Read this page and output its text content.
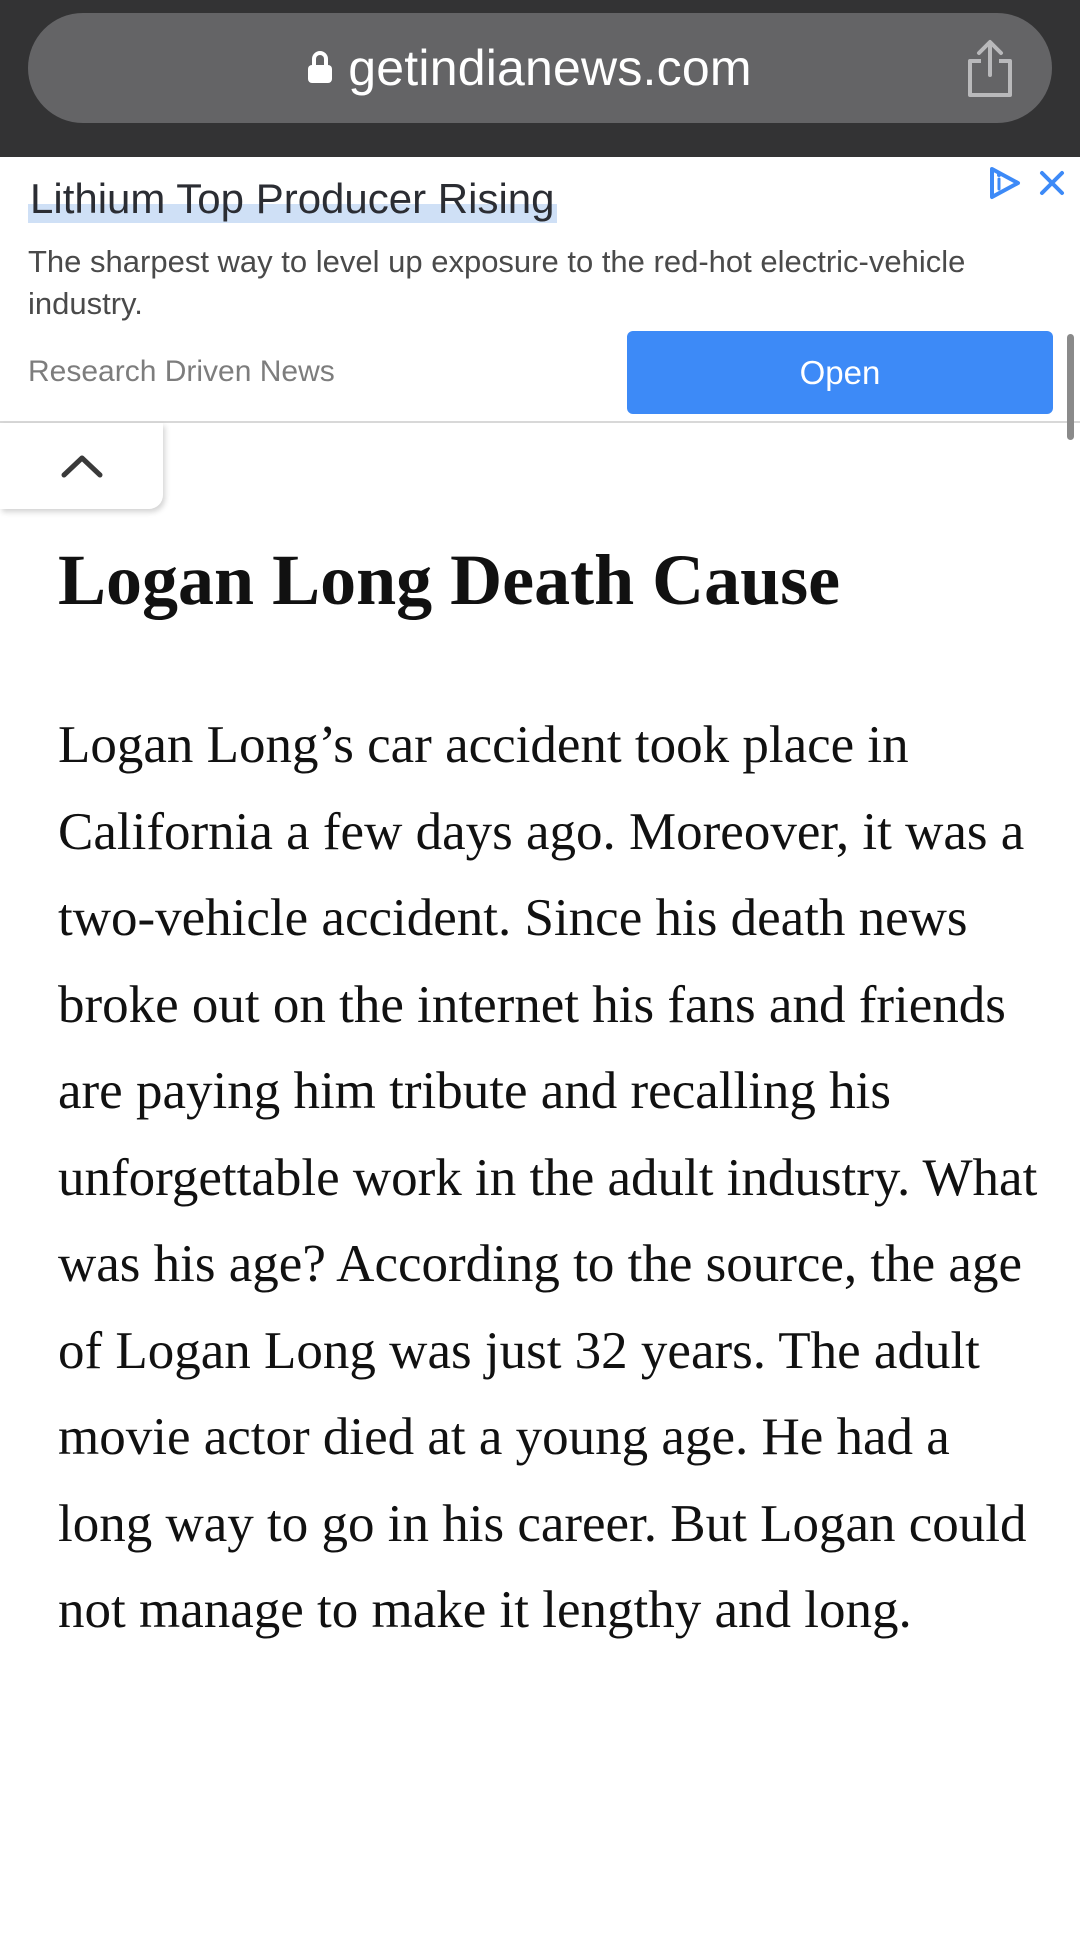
getindianews.com
Lithium Top Producer Rising
The sharpest way to level up exposure to the red-hot electric-vehicle industry.
Research Driven News	Open
Logan Long Death Cause

Logan Long’s car accident took place in California a few days ago. Moreover, it was a two-vehicle accident. Since his death news broke out on the internet his fans and friends are paying him tribute and recalling his unforgettable work in the adult industry. What was his age? According to the source, the age of Logan Long was just 32 years. The adult movie actor died at a young age. He had a long way to go in his career. But Logan could not manage to make it lengthy and long.
